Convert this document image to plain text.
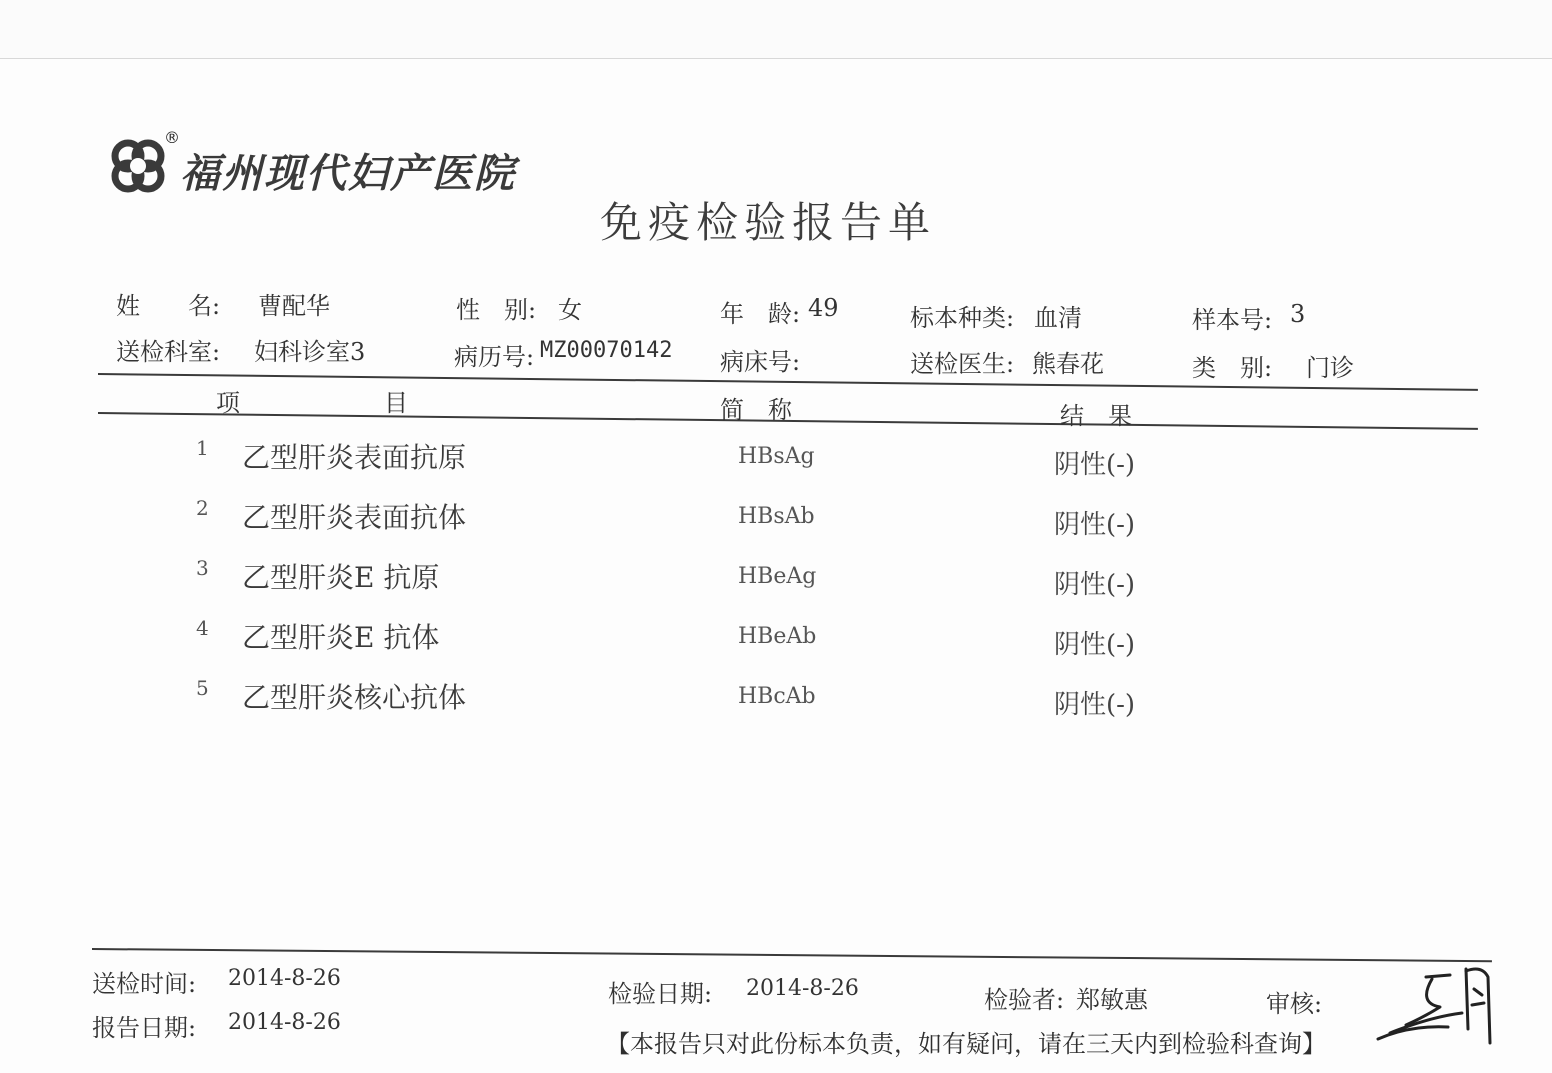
®
福州现代妇产医院
免疫检验报告单
姓　　名: 曹配华	性　别: 女	年　龄: 49	标本种类: 血清	样本号: 3
送检科室: 妇科诊室3	病历号: MZ00070142 病床号:	送检医生: 熊春花	类　别: 门诊
项　　　　　　目	简　称	结　果
1 乙型肝炎表面抗原	HBsAg	阴性(-)
2 乙型肝炎表面抗体	HBsAb	阴性(-)
3 乙型肝炎E 抗原	HBeAg	阴性(-)
4 乙型肝炎E 抗体	HBeAb	阴性(-)
5 乙型肝炎核心抗体	HBcAb	阴性(-)
送检时间: 2014-8-26
报告日期: 2014-8-26
检验日期: 2014-8-26	检验者: 郑敏惠	审核:
【本报告只对此份标本负责，如有疑问，请在三天内到检验科查询】
